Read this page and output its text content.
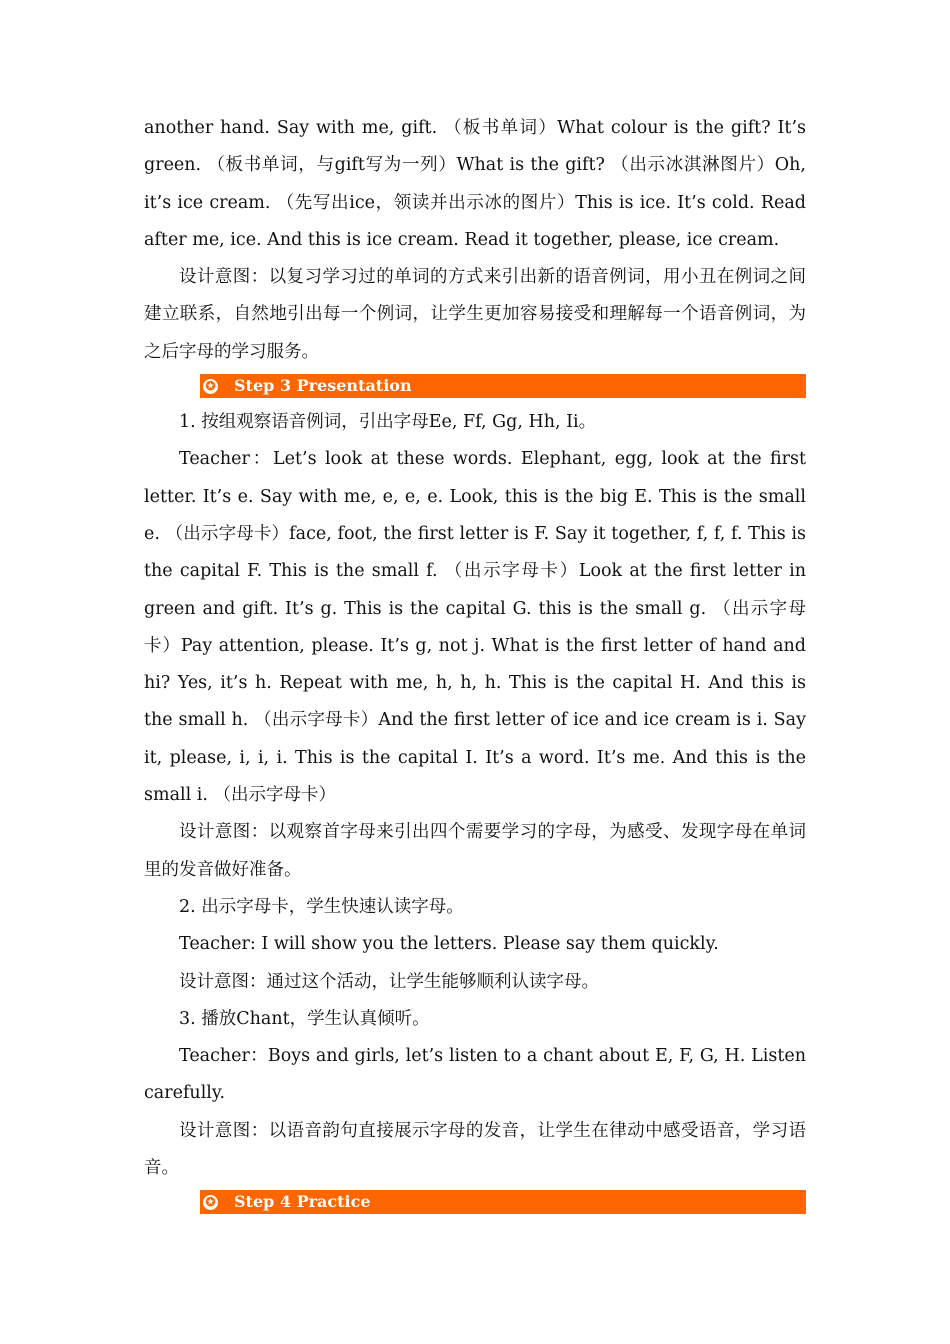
another hand. Say with me, gift. （板书单词）What colour is the gift? It’s green. （板书单词，与gift写为一列）What is the gift? （出示冰淇淋图片）Oh, it’s ice cream. （先写出ice，领读并出示冰的图片）This is ice. It’s cold. Read after me, ice. And this is ice cream. Read it together, please, ice cream.

设计意图：以复习学习过的单词的方式来引出新的语音例词，用小丑在例词之间建立联系，自然地引出每一个例词，让学生更加容易接受和理解每一个语音例词，为之后字母的学习服务。

✪ Step 3 Presentation

1. 按组观察语音例词，引出字母Ee, Ff, Gg, Hh, Ii。

Teacher：Let’s look at these words. Elephant, egg, look at the first letter. It’s e. Say with me, e, e, e. Look, this is the big E. This is the small e. （出示字母卡）face, foot, the first letter is F. Say it together, f, f, f. This is the capital F. This is the small f. （出示字母卡）Look at the first letter in green and gift. It’s g. This is the capital G. this is the small g. （出示字母卡）Pay attention, please. It’s g, not j. What is the first letter of hand and hi? Yes, it’s h. Repeat with me, h, h, h. This is the capital H. And this is the small h. （出示字母卡）And the first letter of ice and ice cream is i. Say it, please, i, i, i. This is the capital I. It’s a word. It’s me. And this is the small i. （出示字母卡）

设计意图：以观察首字母来引出四个需要学习的字母，为感受、发现字母在单词里的发音做好准备。

2. 出示字母卡，学生快速认读字母。

Teacher: I will show you the letters. Please say them quickly.

设计意图：通过这个活动，让学生能够顺利认读字母。

3. 播放Chant，学生认真倾听。

Teacher：Boys and girls, let’s listen to a chant about E, F, G, H. Listen carefully.

设计意图：以语音韵句直接展示字母的发音，让学生在律动中感受语音，学习语音。

✪ Step 4 Practice
